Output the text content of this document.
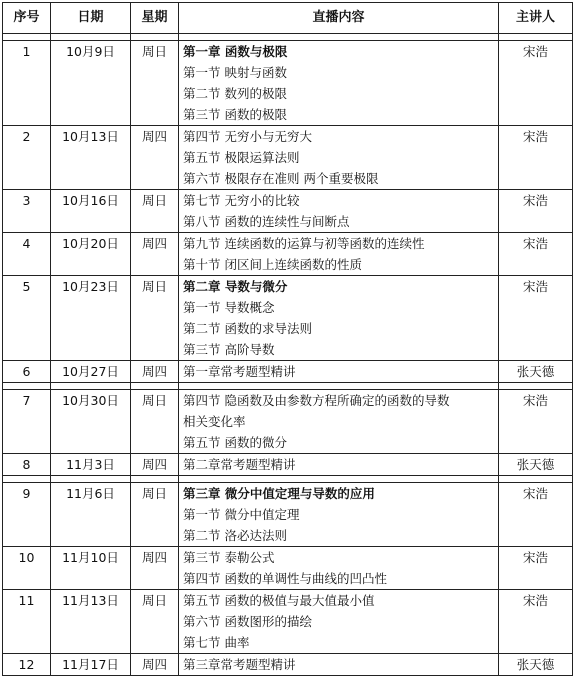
序号	日期	星期	直播内容	主讲人

1	10月9日	周日	第一章 函数与极限
第一节 映射与函数
第二节 数列的极限
第三节 函数的极限	宋浩
2	10月13日	周四	第四节 无穷小与无穷大
第五节 极限运算法则
第六节 极限存在准则 两个重要极限	宋浩
3	10月16日	周日	第七节 无穷小的比较
第八节 函数的连续性与间断点	宋浩
4	10月20日	周四	第九节 连续函数的运算与初等函数的连续性
第十节 闭区间上连续函数的性质	宋浩
5	10月23日	周日	第二章 导数与微分
第一节 导数概念
第二节 函数的求导法则
第三节 高阶导数	宋浩
6	10月27日	周四	第一章常考题型精讲	张天德

7	10月30日	周日	第四节 隐函数及由参数方程所确定的函数的导数
相关变化率
第五节 函数的微分	宋浩
8	11月3日	周四	第二章常考题型精讲	张天德

9	11月6日	周日	第三章 微分中值定理与导数的应用
第一节 微分中值定理
第二节 洛必达法则	宋浩
10	11月10日	周四	第三节 泰勒公式
第四节 函数的单调性与曲线的凹凸性	宋浩
11	11月13日	周日	第五节 函数的极值与最大值最小值
第六节 函数图形的描绘
第七节 曲率	宋浩
12	11月17日	周四	第三章常考题型精讲	张天德
